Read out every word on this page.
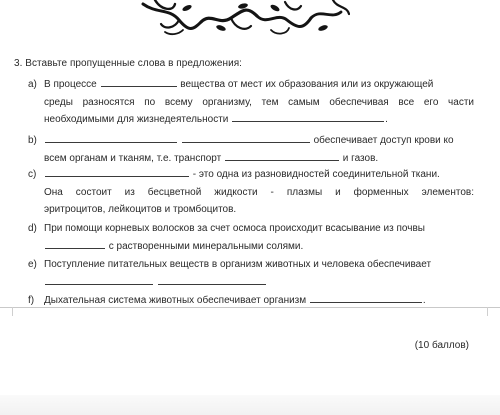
3. Вставьте пропущенные слова в предложения:
a) В процессе	вещества от мест их образования или из окружающей
среды разносятся по всему организму, тем самым обеспечивая все его части
необходимыми для жизнедеятельности	.
b)	обеспечивает доступ крови ко
всем органам и тканям, т.е. транспорт	и газов.
c)	- это одна из разновидностей соединительной ткани.
Она состоит из бесцветной жидкости - плазмы и форменных элементов:
эритроцитов, лейкоцитов и тромбоцитов.
d) При помощи корневых волосков за счет осмоса происходит всасывание из почвы
с растворенными минеральными солями.
e) Поступление питательных веществ в организм животных и человека обеспечивает

f) Дыхательная система животных обеспечивает организм	.
(10 баллов)
